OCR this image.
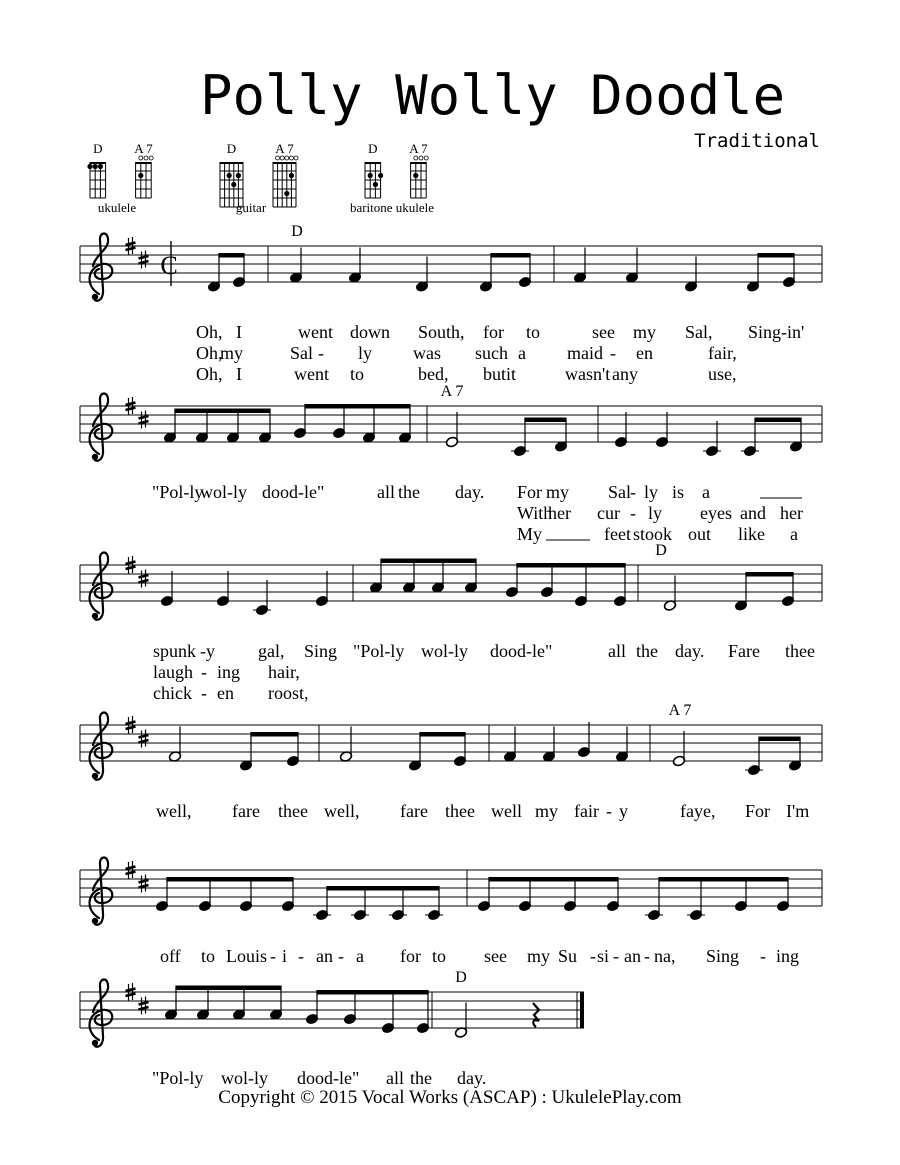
Polly Wolly Doodle
Traditional
D A 7
ukulele
D	A 7
guitar
D A 7
baritone ukulele
C
D
Oh, I	went down South, for to	see my Sal, Sing-in'
Oh,
my	Sal - ly was such a maid - en	fair,
Oh, I	went to	bed, but it	wasn't any	use,
A 7
"Pol-ly
wol-ly dood-le"	all the day. For my Sal
- ly is a
With
her cur - ly eyes and her
My	feet stook out like a
D
spunk - y gal, Sing "Pol-ly wol-ly dood-le"	all the day. Fare thee
laugh - ing hair,
chick - en roost,
A 7
well, fare thee well, fare thee well my fair - y	faye, For I'm
off to Louis - i - an - a for to see my Su - si - an - na, Sing - ing
D
"Pol-ly wol-ly dood-le" all the day.
Copyright © 2015 Vocal Works (ASCAP) : UkulelePlay.com
